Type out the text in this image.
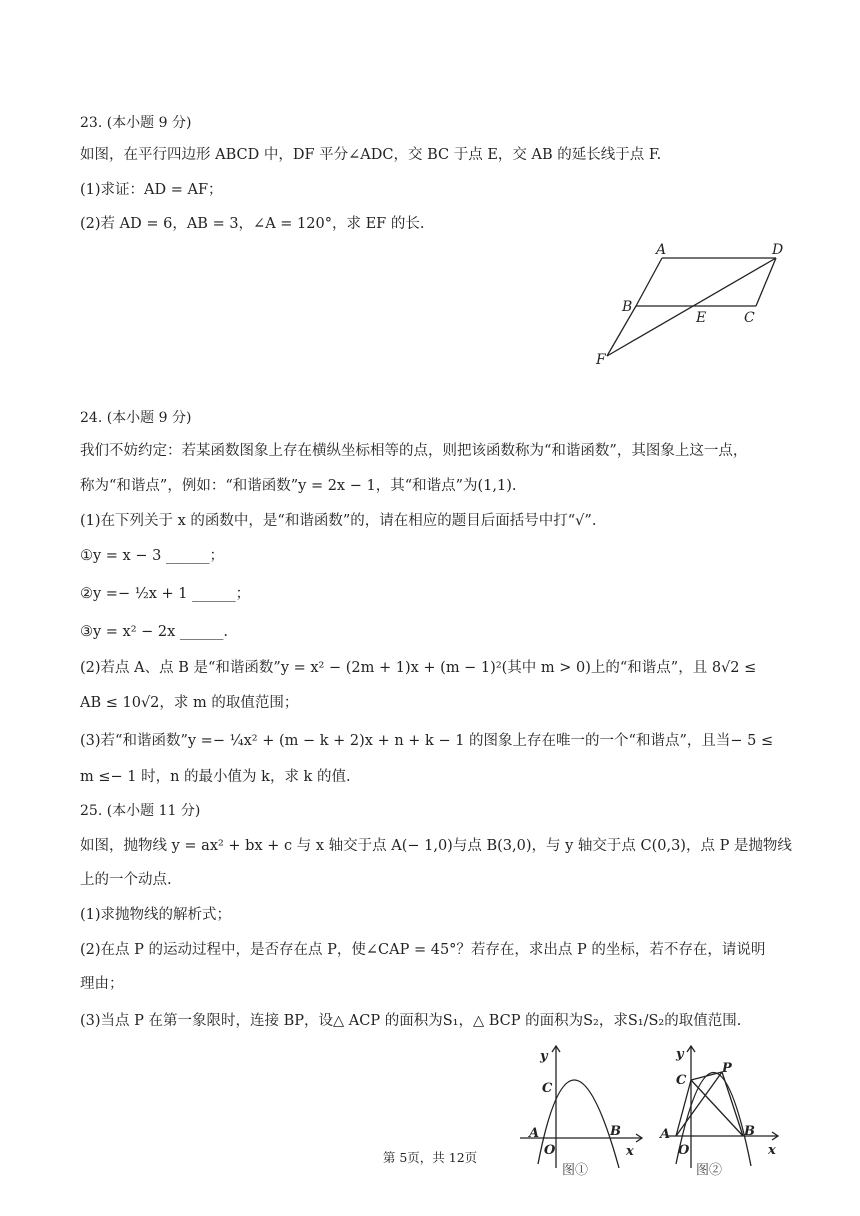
23. (本小题 9 分)
如图，在平行四边形 ABCD 中，DF 平分∠ADC，交 BC 于点 E，交 AB 的延长线于点 F.
(1)求证：AD = AF；
(2)若 AD = 6，AB = 3，∠A = 120°，求 EF 的长.
A	D
B
E	C
F
24. (本小题 9 分)
我们不妨约定：若某函数图象上存在横纵坐标相等的点，则把该函数称为“和谐函数”，其图象上这一点，
称为“和谐点”，例如：“和谐函数”y = 2x − 1，其“和谐点”为(1,1).
(1)在下列关于 x 的函数中，是“和谐函数”的，请在相应的题目后面括号中打“√”.
①y = x − 3 ______；
②y =− ½x + 1 ______；
③y = x² − 2x ______.
(2)若点 A、点 B 是“和谐函数”y = x² − (2m + 1)x + (m − 1)²(其中 m > 0)上的“和谐点”，且 8√2 ≤
AB ≤ 10√2，求 m 的取值范围；
(3)若“和谐函数”y =− ¼x² + (m − k + 2)x + n + k − 1 的图象上存在唯一的一个“和谐点”，且当− 5 ≤
m ≤− 1 时，n 的最小值为 k，求 k 的值.
25. (本小题 11 分)
如图，抛物线 y = ax² + bx + c 与 x 轴交于点 A(− 1,0)与点 B(3,0)，与 y 轴交于点 C(0,3)，点 P 是抛物线
上的一个动点.
(1)求抛物线的解析式；
(2)在点 P 的运动过程中，是否存在点 P，使∠CAP = 45°？若存在，求出点 P 的坐标，若不存在，请说明
理由；
(3)当点 P 在第一象限时，连接 BP，设△ ACP 的面积为S₁，△ BCP 的面积为S₂，求S₁/S₂的取值范围.
y
C
A
O
B
x
图①
y
C
P
A
O
B
x
图②
第 5页，共 12页
